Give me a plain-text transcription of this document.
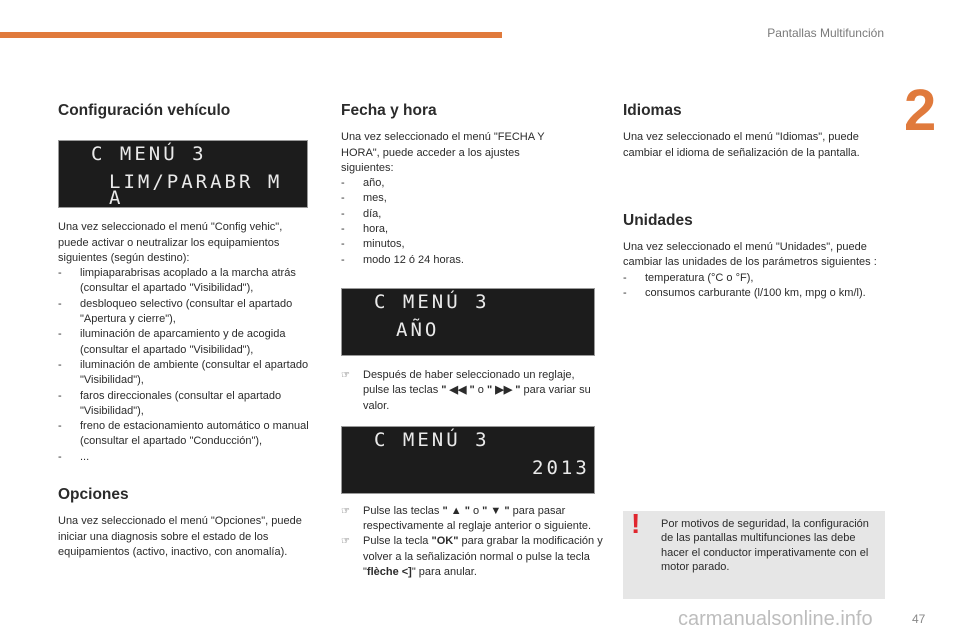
Pantallas Multifunción
2
Configuración vehículo
C MENÚ 3
LIM/PARABR M A

Una vez seleccionado el menú "Config vehic", puede activar o neutralizar los equipamientos siguientes (según destino):

- limpiaparabrisas acoplado a la marcha atrás (consultar el apartado "Visibilidad"),
- desbloqueo selectivo (consultar el apartado "Apertura y cierre"),
- iluminación de aparcamiento y de acogida (consultar el apartado "Visibilidad"),
- iluminación de ambiente (consultar el apartado "Visibilidad"),
- faros direccionales (consultar el apartado "Visibilidad"),
- freno de estacionamiento automático o manual (consultar el apartado "Conducción"),
- ...
Opciones

Una vez seleccionado el menú "Opciones", puede iniciar una diagnosis sobre el estado de los equipamientos (activo, inactivo, con anomalía).

Fecha y hora

Una vez seleccionado el menú "FECHA Y HORA", puede acceder a los ajustes siguientes:

- año,
- mes,
- día,
- hora,
- minutos,
- modo 12 ó 24 horas.
C MENÚ 3
AÑO
☞ Después de haber seleccionado un reglaje, pulse las teclas " ◀◀ " o " ▶▶ " para variar su valor.
C MENÚ 3
2013
☞ Pulse las teclas " ▲ " o " ▼ " para pasar respectivamente al reglaje anterior o siguiente.
☞ Pulse la tecla "OK" para grabar la modificación y volver a la señalización normal o pulse la tecla "flèche <]" para anular.
Idiomas

Una vez seleccionado el menú "Idiomas", puede cambiar el idioma de señalización de la pantalla.

Unidades

Una vez seleccionado el menú "Unidades", puede cambiar las unidades de los parámetros siguientes :

- temperatura (°C o °F),
- consumos carburante (l/100 km, mpg o km/l).
! Por motivos de seguridad, la configuración de las pantallas multifunciones las debe hacer el conductor imperativamente con el motor parado.
carmanualsonline.info	47
